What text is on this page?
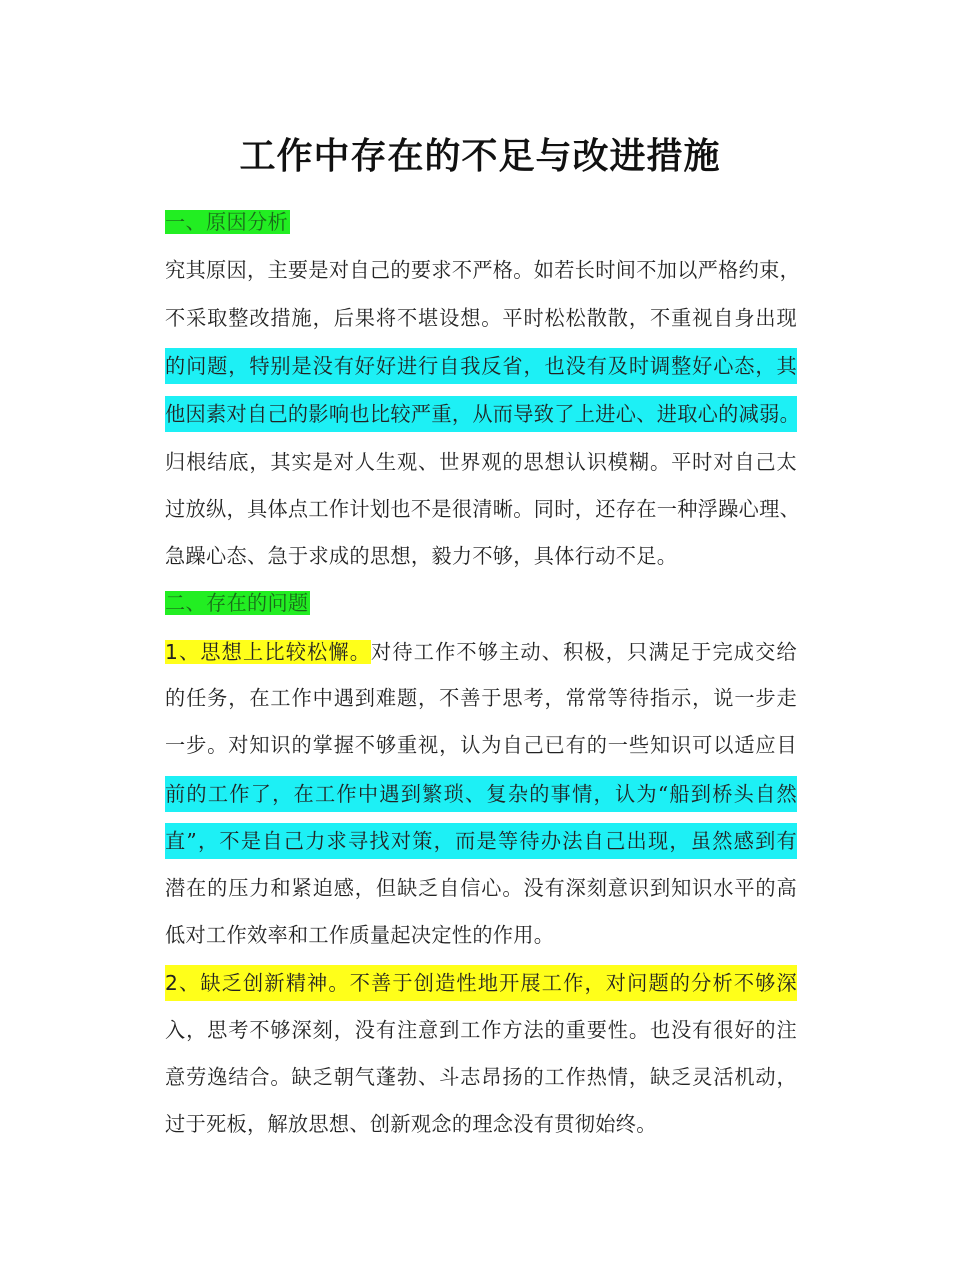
工作中存在的不足与改进措施
一、原因分析
究其原因，主要是对自己的要求不严格。如若长时间不加以严格约束，
不采取整改措施，后果将不堪设想。平时松松散散，不重视自身出现
的问题，特别是没有好好进行自我反省，也没有及时调整好心态，其
他因素对自己的影响也比较严重，从而导致了上进心、进取心的减弱。
归根结底，其实是对人生观、世界观的思想认识模糊。平时对自己太
过放纵，具体点工作计划也不是很清晰。同时，还存在一种浮躁心理、
急躁心态、急于求成的思想，毅力不够，具体行动不足。
二、存在的问题
1、思想上比较松懈。对待工作不够主动、积极，只满足于完成交给
的任务，在工作中遇到难题，不善于思考，常常等待指示，说一步走
一步。对知识的掌握不够重视，认为自己已有的一些知识可以适应目
前的工作了，在工作中遇到繁琐、复杂的事情，认为“船到桥头自然
直”，不是自己力求寻找对策，而是等待办法自己出现，虽然感到有
潜在的压力和紧迫感，但缺乏自信心。没有深刻意识到知识水平的高
低对工作效率和工作质量起决定性的作用。
2、缺乏创新精神。不善于创造性地开展工作，对问题的分析不够深
入，思考不够深刻，没有注意到工作方法的重要性。也没有很好的注
意劳逸结合。缺乏朝气蓬勃、斗志昂扬的工作热情，缺乏灵活机动，
过于死板，解放思想、创新观念的理念没有贯彻始终。
